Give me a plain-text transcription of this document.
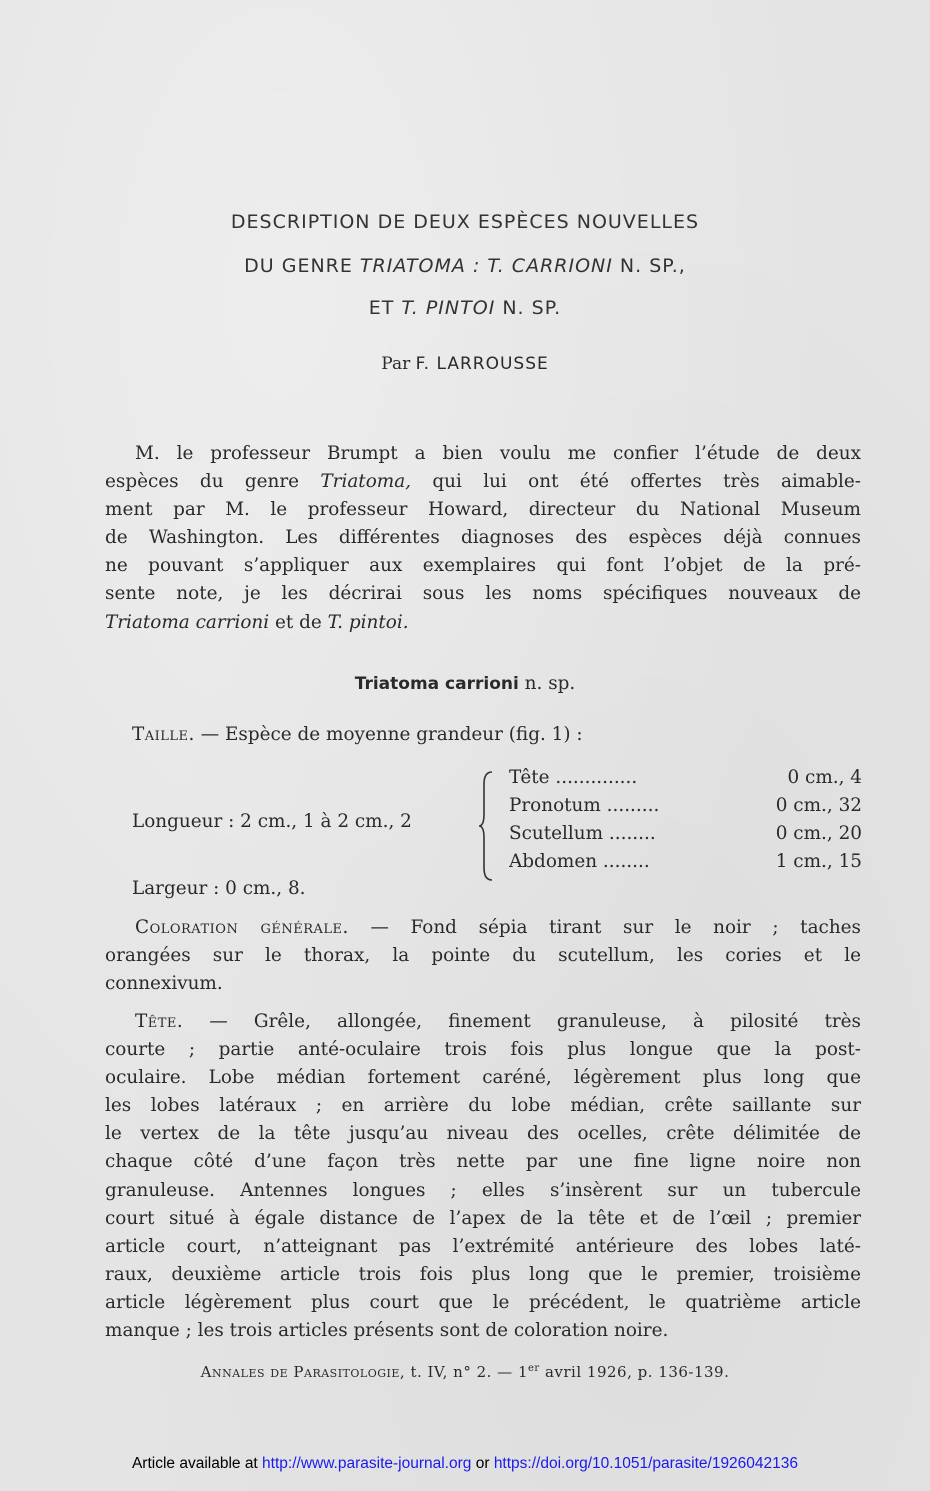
DESCRIPTION DE DEUX ESPÈCES NOUVELLES
DU GENRE TRIATOMA : T. CARRIONI N. SP.,
ET T. PINTOI N. SP.
Par F. LARROUSSE
M. le professeur Brumpt a bien voulu me confier l’étude de deux
espèces du genre Triatoma, qui lui ont été offertes très aimable-
ment par M. le professeur Howard, directeur du National Museum
de Washington. Les différentes diagnoses des espèces déjà connues
ne pouvant s’appliquer aux exemplaires qui font l’objet de la pré-
sente note, je les décrirai sous les noms spécifiques nouveaux de
Triatoma carrioni et de T. pintoi.
Triatoma carrioni n. sp.
Taille. — Espèce de moyenne grandeur (fig. 1) :
Longueur : 2 cm., 1 à 2 cm., 2
Tête ..............	0 cm., 4
Pronotum .........	0 cm., 32
Scutellum ........	0 cm., 20
Abdomen ........	1 cm., 15
Largeur : 0 cm., 8.
Coloration générale. — Fond sépia tirant sur le noir ; taches
orangées sur le thorax, la pointe du scutellum, les cories et le
connexivum.
Tête. — Grêle, allongée, finement granuleuse, à pilosité très
courte ; partie anté-oculaire trois fois plus longue que la post-
oculaire. Lobe médian fortement caréné, légèrement plus long que
les lobes latéraux ; en arrière du lobe médian, crête saillante sur
le vertex de la tête jusqu’au niveau des ocelles, crête délimitée de
chaque côté d’une façon très nette par une fine ligne noire non
granuleuse. Antennes longues ; elles s’insèrent sur un tubercule
court situé à égale distance de l’apex de la tête et de l’œil ; premier
article court, n’atteignant pas l’extrémité antérieure des lobes laté-
raux, deuxième article trois fois plus long que le premier, troisième
article légèrement plus court que le précédent, le quatrième article
manque ; les trois articles présents sont de coloration noire.
Annales de Parasitologie, t. IV, n° 2. — 1er avril 1926, p. 136-139.
Article available at http://www.parasite-journal.org or https://doi.org/10.1051/parasite/1926042136
